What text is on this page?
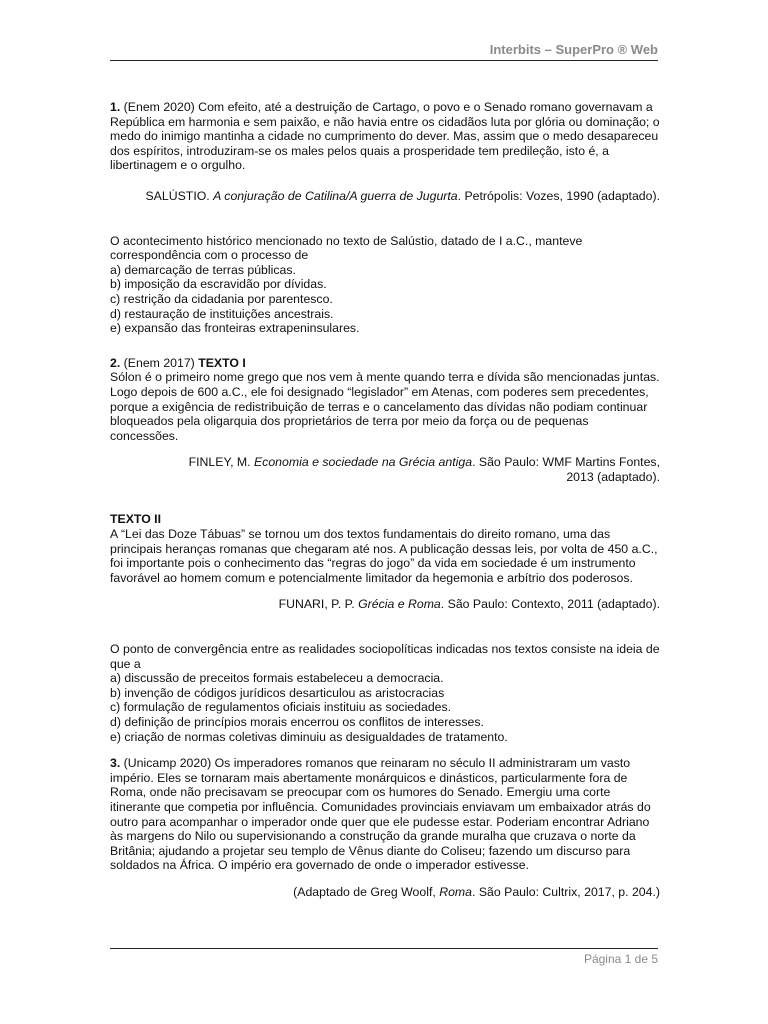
Interbits – SuperPro ® Web

1. (Enem 2020) Com efeito, até a destruição de Cartago, o povo e o Senado romano governavam a República em harmonia e sem paixão, e não havia entre os cidadãos luta por glória ou dominação; o medo do inimigo mantinha a cidade no cumprimento do dever. Mas, assim que o medo desapareceu dos espíritos, introduziram-se os males pelos quais a prosperidade tem predileção, isto é, a libertinagem e o orgulho.

SALÚSTIO. A conjuração de Catilina/A guerra de Jugurta. Petrópolis: Vozes, 1990 (adaptado).

O acontecimento histórico mencionado no texto de Salústio, datado de I a.C., manteve correspondência com o processo de

a) demarcação de terras públicas.

b) imposição da escravidão por dívidas.

c) restrição da cidadania por parentesco.

d) restauração de instituições ancestrais.

e) expansão das fronteiras extrapeninsulares.

2. (Enem 2017) TEXTO I

Sólon é o primeiro nome grego que nos vem à mente quando terra e dívida são mencionadas juntas. Logo depois de 600 a.C., ele foi designado “legislador” em Atenas, com poderes sem precedentes, porque a exigência de redistribuição de terras e o cancelamento das dívidas não podiam continuar bloqueados pela oligarquia dos proprietários de terra por meio da força ou de pequenas concessões.

FINLEY, M. Economia e sociedade na Grécia antiga. São Paulo: WMF Martins Fontes, 2013 (adaptado).

TEXTO II

A “Lei das Doze Tábuas” se tornou um dos textos fundamentais do direito romano, uma das principais heranças romanas que chegaram até nos. A publicação dessas leis, por volta de 450 a.C., foi importante pois o conhecimento das “regras do jogo” da vida em sociedade é um instrumento favorável ao homem comum e potencialmente limitador da hegemonia e arbítrio dos poderosos.

FUNARI, P. P. Grécia e Roma. São Paulo: Contexto, 2011 (adaptado).

O ponto de convergência entre as realidades sociopolíticas indicadas nos textos consiste na ideia de que a

a) discussão de preceitos formais estabeleceu a democracia.

b) invenção de códigos jurídicos desarticulou as aristocracias

c) formulação de regulamentos oficiais instituiu as sociedades.

d) definição de princípios morais encerrou os conflitos de interesses.

e) criação de normas coletivas diminuiu as desigualdades de tratamento.

3. (Unicamp 2020) Os imperadores romanos que reinaram no século II administraram um vasto império. Eles se tornaram mais abertamente monárquicos e dinásticos, particularmente fora de Roma, onde não precisavam se preocupar com os humores do Senado. Emergiu uma corte itinerante que competia por influência. Comunidades provinciais enviavam um embaixador atrás do outro para acompanhar o imperador onde quer que ele pudesse estar. Poderiam encontrar Adriano às margens do Nilo ou supervisionando a construção da grande muralha que cruzava o norte da Britânia; ajudando a projetar seu templo de Vênus diante do Coliseu; fazendo um discurso para soldados na África. O império era governado de onde o imperador estivesse.

(Adaptado de Greg Woolf, Roma. São Paulo: Cultrix, 2017, p. 204.)

Página 1 de 5
